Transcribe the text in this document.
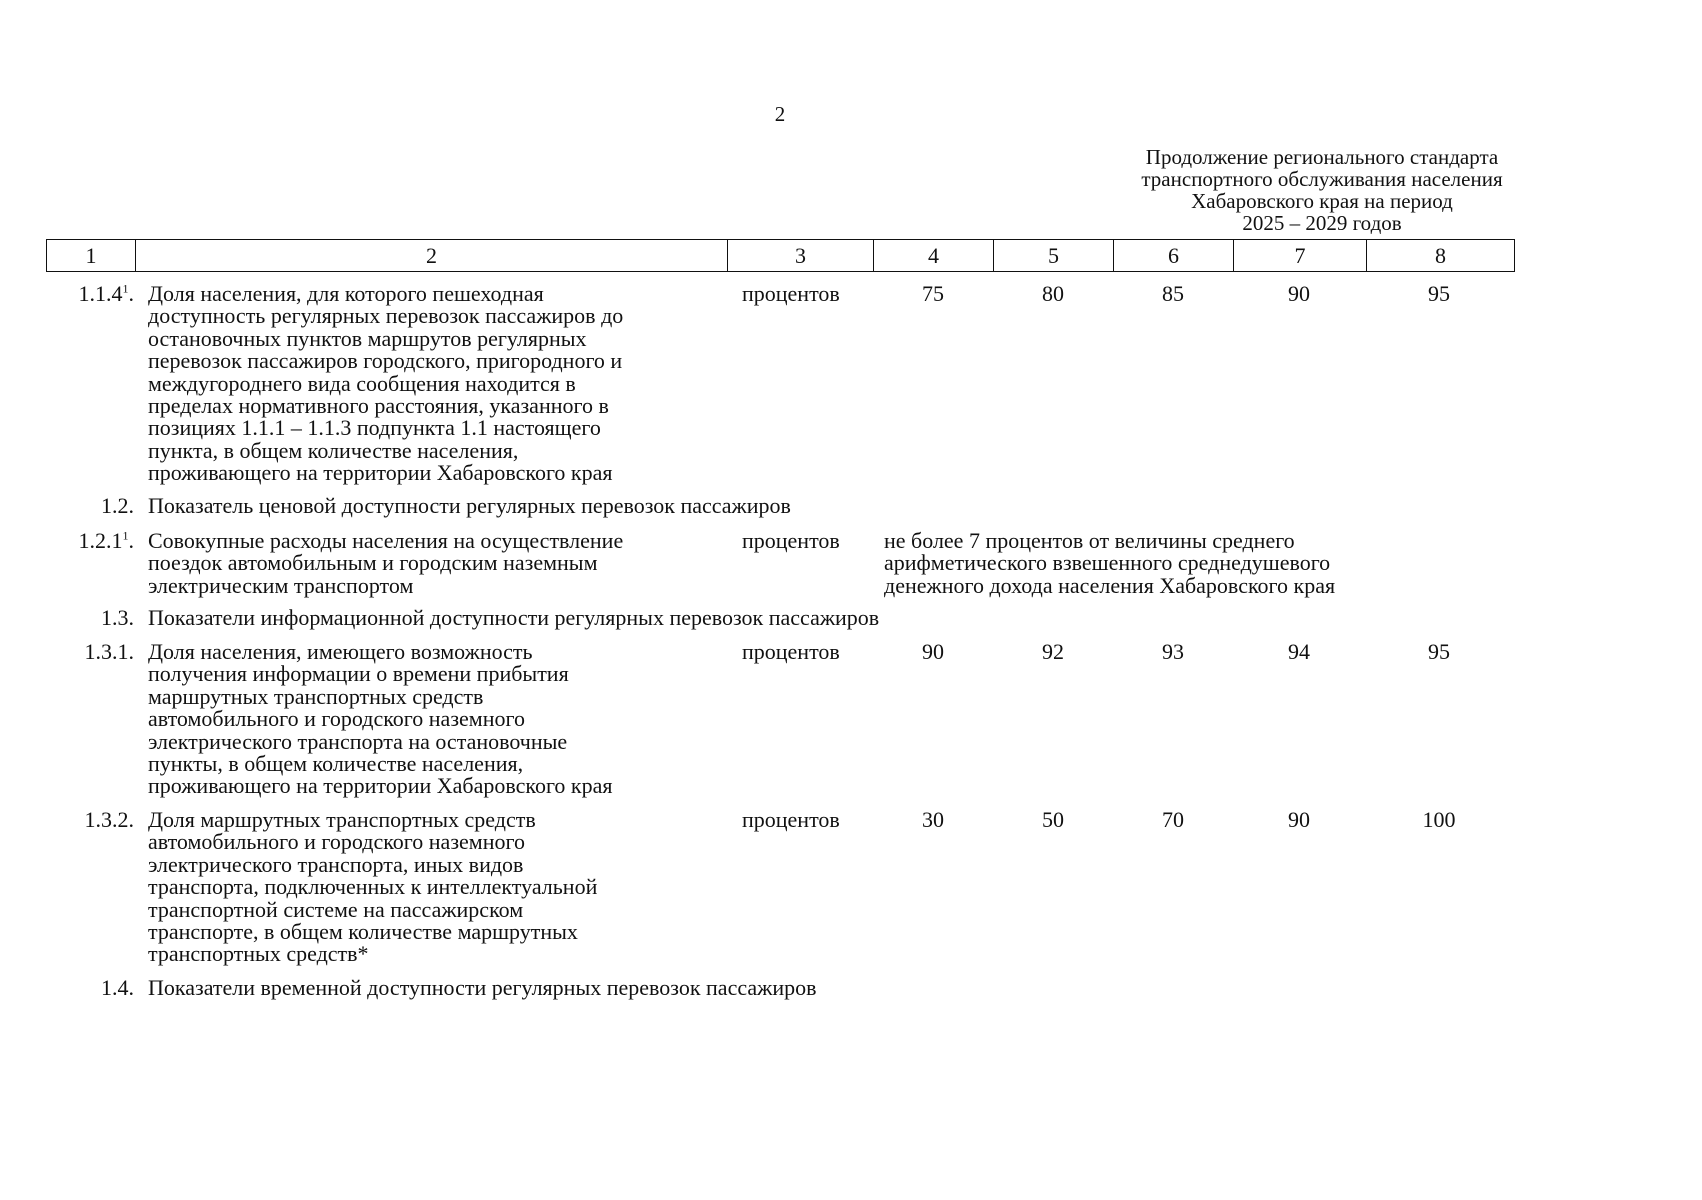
2
Продолжение регионального стандарта
транспортного обслуживания населения
Хабаровского края на период
2025 – 2029 годов
1	2	3	4	5	6	7	8
1.1.4$^1$. Доля населения, для которого пешеходная
доступность регулярных перевозок пассажиров до
остановочных пунктов маршрутов регулярных
перевозок пассажиров городского, пригородного и
междугороднего вида сообщения находится в
пределах нормативного расстояния, указанного в
позициях 1.1.1 – 1.1.3 подпункта 1.1 настоящего
пункта, в общем количестве населения,
проживающего на территории Хабаровского края
процентов	75	80	85	90	95
1.2. Показатель ценовой доступности регулярных перевозок пассажиров
1.2.1$^1$. Совокупные расходы населения на осуществление
поездок автомобильным и городским наземным
электрическим транспортом
процентов	не более 7 процентов от величины среднего
арифметического взвешенного среднедушевого
денежного дохода населения Хабаровского края
1.3. Показатели информационной доступности регулярных перевозок пассажиров
1.3.1. Доля населения, имеющего возможность
получения информации о времени прибытия
маршрутных транспортных средств
автомобильного и городского наземного
электрического транспорта на остановочные
пункты, в общем количестве населения,
проживающего на территории Хабаровского края
процентов	90	92	93	94	95
1.3.2. Доля маршрутных транспортных средств
автомобильного и городского наземного
электрического транспорта, иных видов
транспорта, подключенных к интеллектуальной
транспортной системе на пассажирском
транспорте, в общем количестве маршрутных
транспортных средств*
процентов	30	50	70	90	100
1.4. Показатели временной доступности регулярных перевозок пассажиров
